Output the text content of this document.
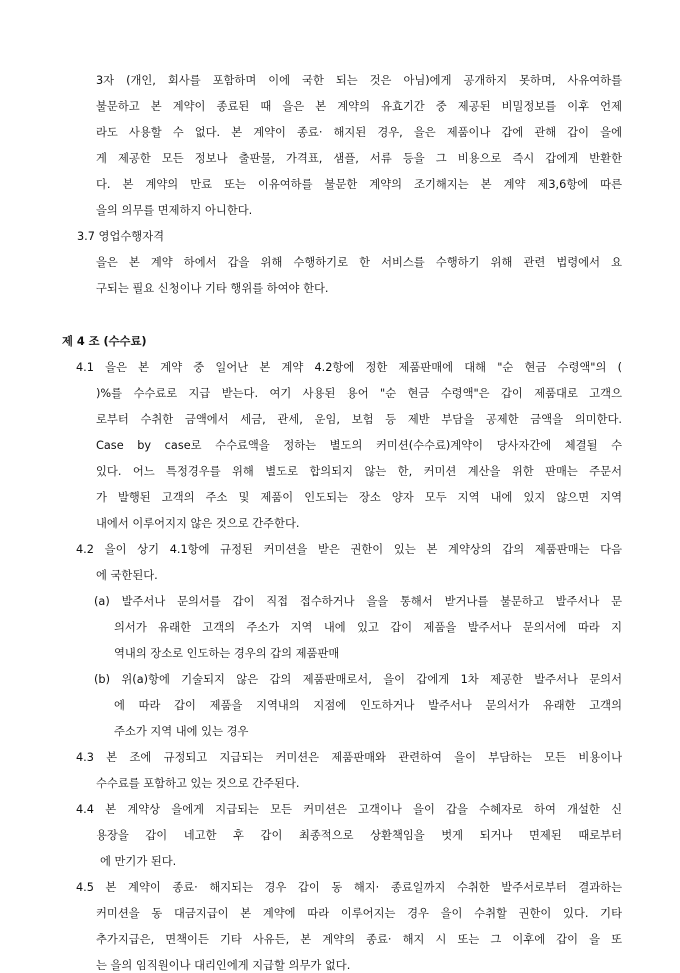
3자 (개인, 회사를 포함하며 이에 국한 되는 것은 아님)에게 공개하지 못하며, 사유여하를
불문하고 본 계약이 종료된 때 을은 본 계약의 유효기간 중 제공된 비밀정보를 이후 언제
라도 사용할 수 없다. 본 계약이 종료· 해지된 경우, 을은 제품이나 갑에 관해 갑이 을에
게 제공한 모든 정보나 출판물, 가격표, 샘플, 서류 등을 그 비용으로 즉시 갑에게 반환한
다. 본 계약의 만료 또는 이유여하를 불문한 계약의 조기해지는 본 계약 제3,6항에 따른
을의 의무를 면제하지 아니한다.
3.7 영업수행자격
을은 본 계약 하에서 갑을 위해 수행하기로 한 서비스를 수행하기 위해 관련 법령에서 요
구되는 필요 신청이나 기타 행위를 하여야 한다.
제 4 조 (수수료)
4.1 을은 본 계약 중 일어난 본 계약 4.2항에 정한 제품판매에 대해 "순 현금 수령액"의 (
)%를 수수료로 지급 받는다. 여기 사용된 용어 "순 현금 수령액"은 갑이 제품대로 고객으
로부터 수취한 금액에서 세금, 관세, 운임, 보험 등 제반 부담을 공제한 금액을 의미한다.
Case by case로 수수료액을 정하는 별도의 커미션(수수료)계약이 당사자간에 체결될 수
있다. 어느 특정경우를 위해 별도로 합의되지 않는 한, 커미션 계산을 위한 판매는 주문서
가 발행된 고객의 주소 및 제품이 인도되는 장소 양자 모두 지역 내에 있지 않으면 지역
내에서 이루어지지 않은 것으로 간주한다.
4.2 을이 상기 4.1항에 규정된 커미션을 받은 권한이 있는 본 계약상의 갑의 제품판매는 다음
에 국한된다.
(a) 발주서나 문의서를 갑이 직접 접수하거나 을을 통해서 받거나를 불문하고 발주서나 문
의서가 유래한 고객의 주소가 지역 내에 있고 갑이 제품을 발주서나 문의서에 따라 지
역내의 장소로 인도하는 경우의 갑의 제품판매
(b) 위(a)항에 기술되지 않은 갑의 제품판매로서, 을이 갑에게 1차 제공한 발주서나 문의서
에 따라 갑이 제품을 지역내의 지점에 인도하거나 발주서나 문의서가 유래한 고객의
주소가 지역 내에 있는 경우
4.3 본 조에 규정되고 지급되는 커미션은 제품판매와 관련하여 을이 부담하는 모든 비용이나
수수료를 포함하고 있는 것으로 간주된다.
4.4 본 계약상 을에게 지급되는 모든 커미션은 고객이나 을이 갑을 수혜자로 하여 개설한 신
용장을 갑이 네고한 후 갑이 최종적으로 상환책임을 벗게 되거나 면제된 때로부터
에 만기가 된다.
4.5 본 계약이 종료· 해지되는 경우 갑이 동 해지· 종료일까지 수취한 발주서로부터 결과하는
커미션을 동 대금지급이 본 계약에 따라 이루어지는 경우 을이 수취할 권한이 있다. 기타
추가지급은, 면책이든 기타 사유든, 본 계약의 종료· 해지 시 또는 그 이후에 갑이 을 또
는 을의 임직원이나 대리인에게 지급할 의무가 없다.
